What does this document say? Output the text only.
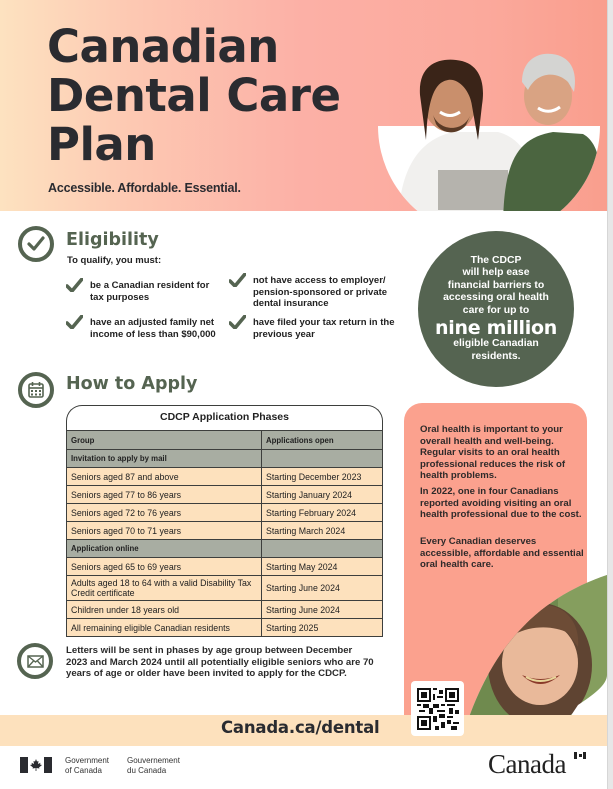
Canadian
Dental Care
Plan
Accessible. Affordable. Essential.
Eligibility
To qualify, you must:
be a Canadian resident for tax purposes
not have access to employer/ pension-sponsored or private dental insurance
have an adjusted family net income of less than $90,000
have filed your tax return in the previous year
The CDCP
will help ease
financial barriers to
accessing oral health
care for up to
nine million
eligible Canadian
residents.
How to Apply
CDCP Application Phases
Group	Applications open
Invitation to apply by mail	
Seniors aged 87 and above	Starting December 2023
Seniors aged 77 to 86 years	Starting January 2024
Seniors aged 72 to 76 years	Starting February 2024
Seniors aged 70 to 71 years	Starting March 2024
Application online	
Seniors aged 65 to 69 years	Starting May 2024
Adults aged 18 to 64 with a valid Disability Tax Credit certificate	Starting June 2024
Children under 18 years old	Starting June 2024
All remaining eligible Canadian residents	Starting 2025

Oral health is important to your overall health and well-being. Regular visits to an oral health professional reduces the risk of health problems.

In 2022, one in four Canadians reported avoiding visiting an oral health professional due to the cost.

Every Canadian deserves accessible, affordable and essential oral health care.

Letters will be sent in phases by age group between December 2023 and March 2024 until all potentially eligible seniors who are 70 years of age or older have been invited to apply for the CDCP.
Canada.ca/dental
Government
of Canada
Gouvernement
du Canada	Canada
